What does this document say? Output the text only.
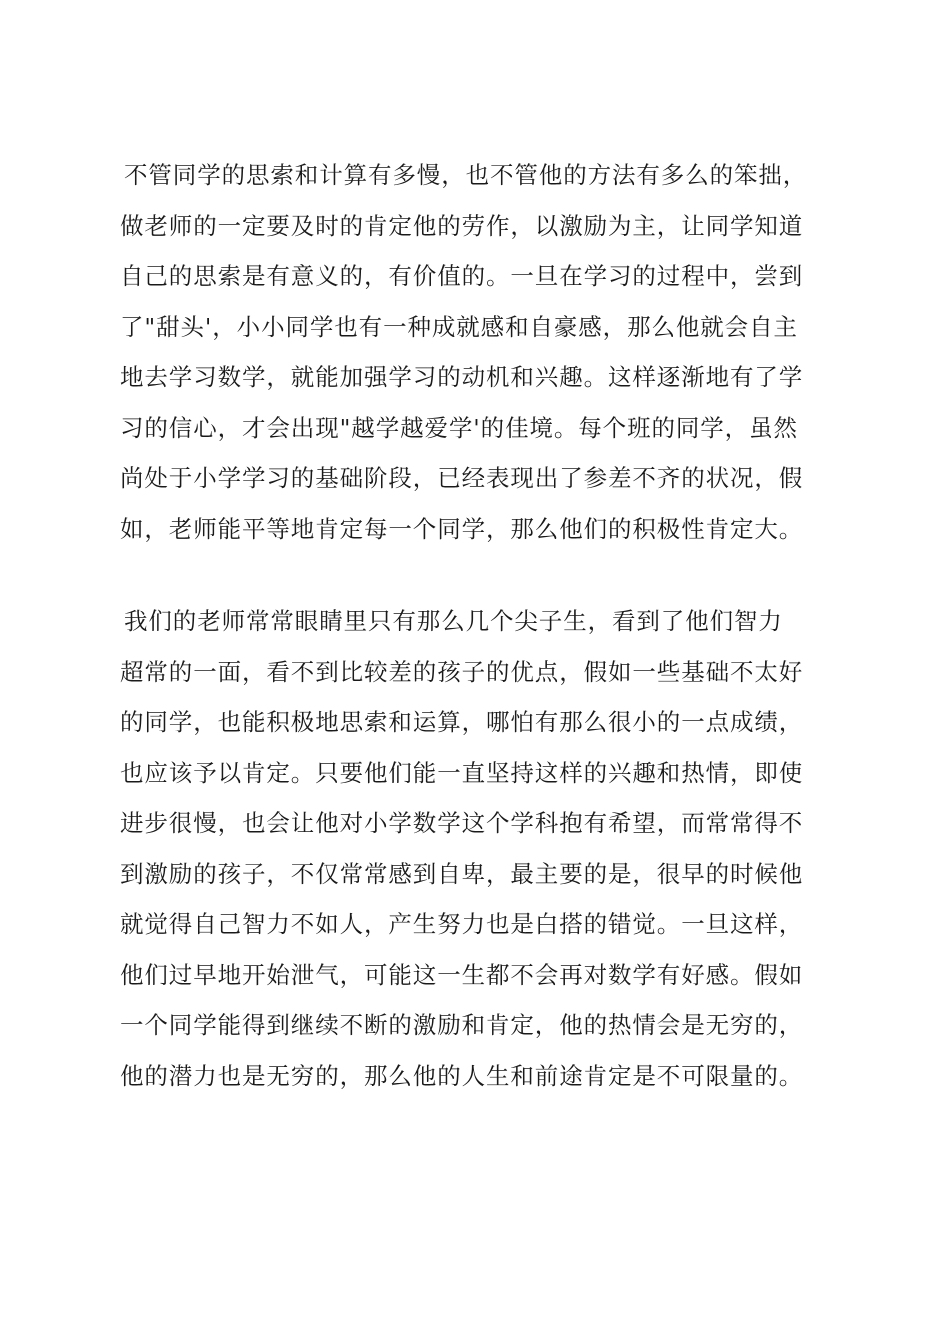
不管同学的思索和计算有多慢，也不管他的方法有多么的笨拙，
做老师的一定要及时的肯定他的劳作，以激励为主，让同学知道
自己的思索是有意义的，有价值的。一旦在学习的过程中，尝到
了"甜头'，小小同学也有一种成就感和自豪感，那么他就会自主
地去学习数学，就能加强学习的动机和兴趣。这样逐渐地有了学
习的信心，才会出现"越学越爱学'的佳境。每个班的同学，虽然
尚处于小学学习的基础阶段，已经表现出了参差不齐的状况，假
如，老师能平等地肯定每一个同学，那么他们的积极性肯定大。
我们的老师常常眼睛里只有那么几个尖子生，看到了他们智力
超常的一面，看不到比较差的孩子的优点，假如一些基础不太好
的同学，也能积极地思索和运算，哪怕有那么很小的一点成绩，
也应该予以肯定。只要他们能一直坚持这样的兴趣和热情，即使
进步很慢，也会让他对小学数学这个学科抱有希望，而常常得不
到激励的孩子，不仅常常感到自卑，最主要的是，很早的时候他
就觉得自己智力不如人，产生努力也是白搭的错觉。一旦这样，
他们过早地开始泄气，可能这一生都不会再对数学有好感。假如
一个同学能得到继续不断的激励和肯定，他的热情会是无穷的，
他的潜力也是无穷的，那么他的人生和前途肯定是不可限量的。
